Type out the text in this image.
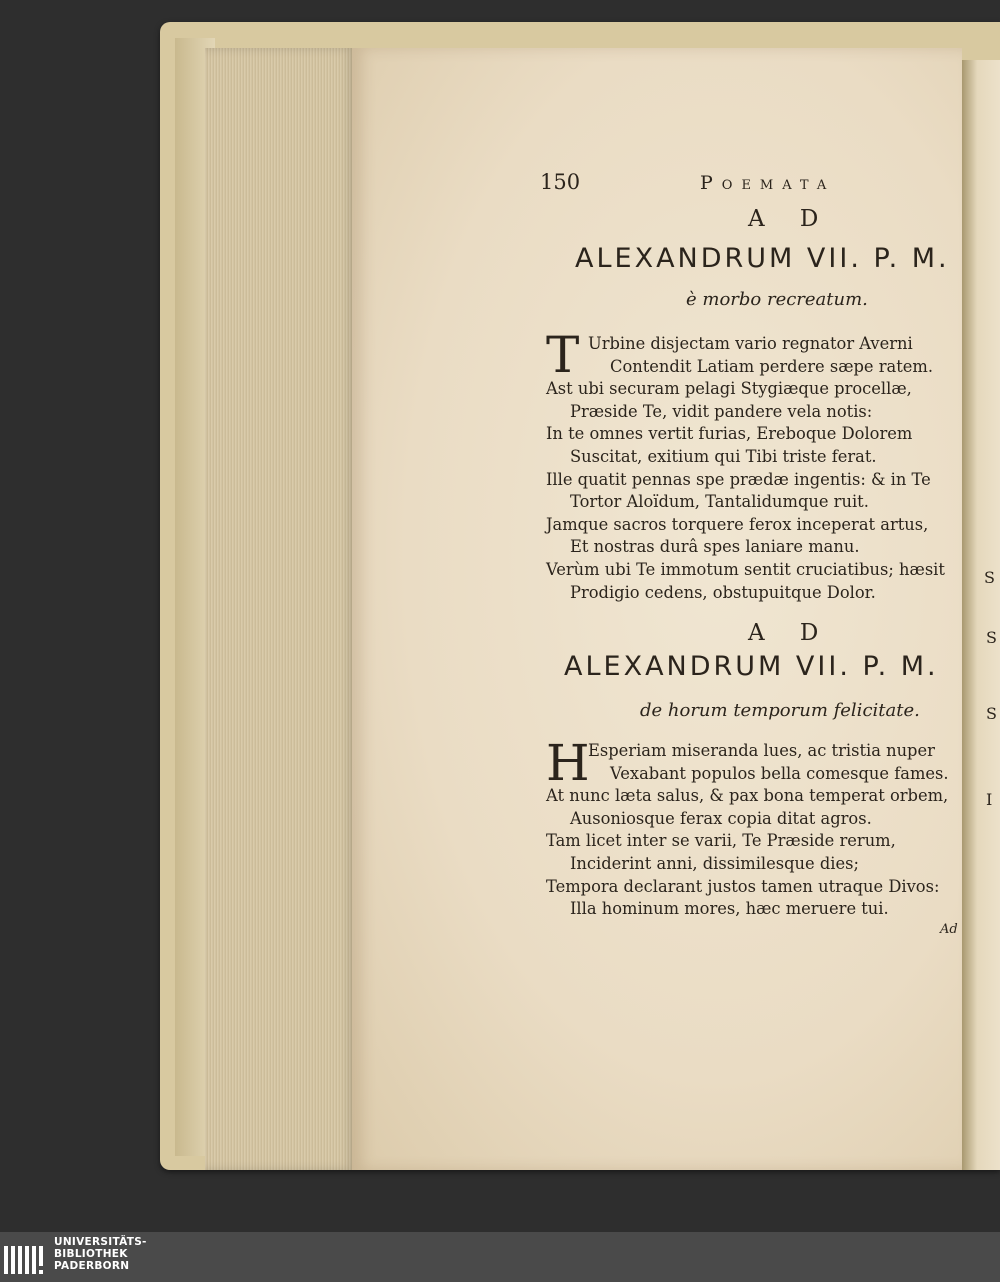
S
S
S
I
150	Poemata
A D
ALEXANDRUM VII. P. M.
è morbo recreatum.
T Urbine disjectam vario regnator Averni
Contendit Latiam perdere sæpe ratem.
Ast ubi securam pelagi Stygiæque procellæ,
Præside Te, vidit pandere vela notis:
In te omnes vertit furias, Ereboque Dolorem
Suscitat, exitium qui Tibi triste ferat.
Ille quatit pennas spe prædæ ingentis: & in Te
Tortor Aloïdum, Tantalidumque ruit.
Jamque sacros torquere ferox inceperat artus,
Et nostras durâ spes laniare manu.
Verùm ubi Te immotum sentit cruciatibus; hæsit
Prodigio cedens, obstupuitque Dolor.
A D
ALEXANDRUM VII. P. M.
de horum temporum felicitate.
H
Esperiam miseranda lues, ac tristia nuper
Vexabant populos bella comesque fames.
At nunc læta salus, & pax bona temperat orbem,
Ausoniosque ferax copia ditat agros.
Tam licet inter se varii, Te Præside rerum,
Inciderint anni, dissimilesque dies;
Tempora declarant justos tamen utraque Divos:
Illa hominum mores, hæc meruere tui.
Ad
UNIVERSITÄTS-
BIBLIOTHEK
PADERBORN
